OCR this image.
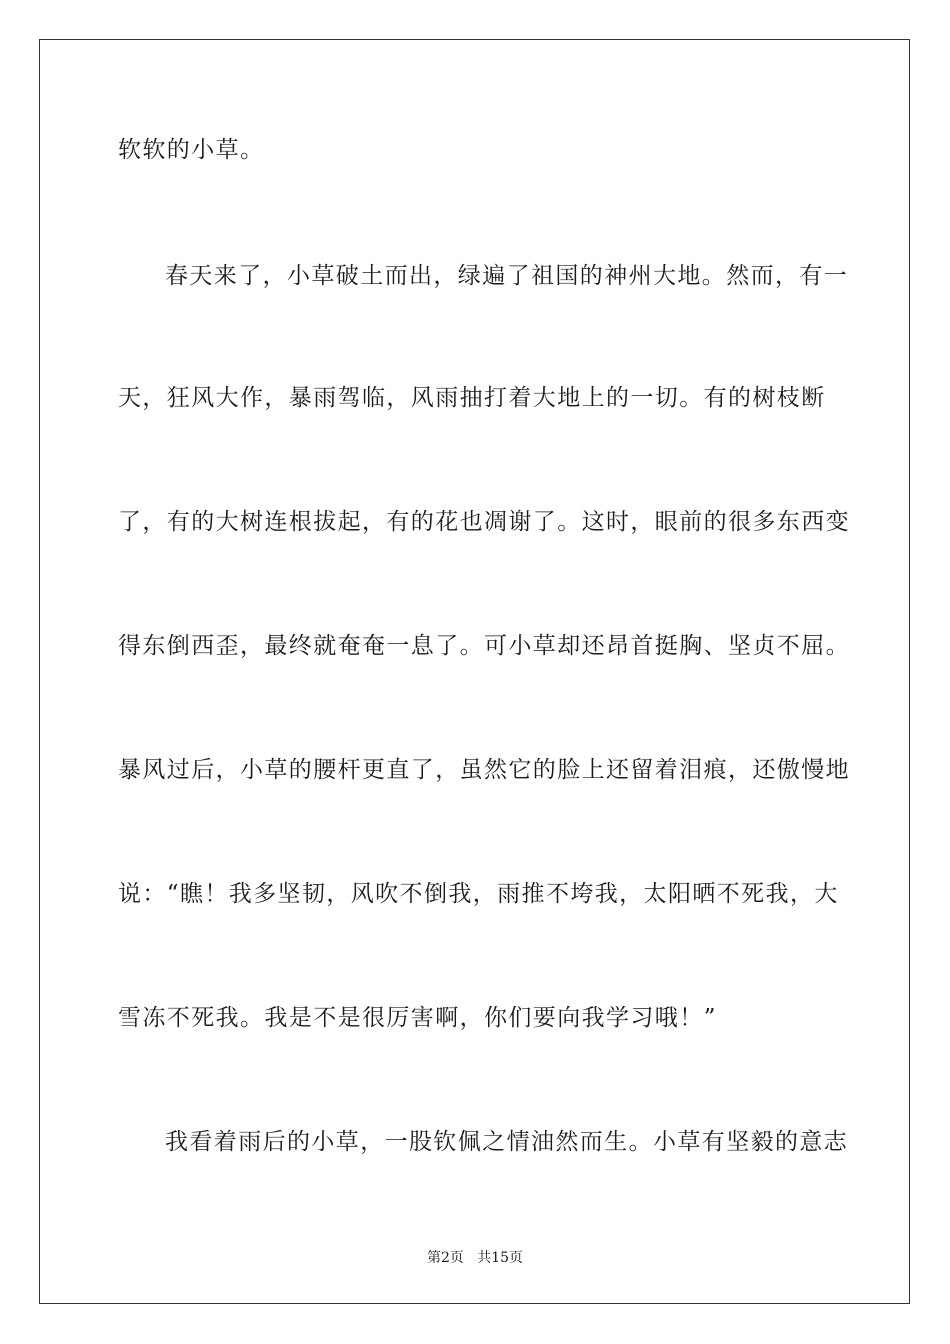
软软的小草。
春天来了，小草破土而出，绿遍了祖国的神州大地。然而，有一
天，狂风大作，暴雨驾临，风雨抽打着大地上的一切。有的树枝断
了，有的大树连根拔起，有的花也凋谢了。这时，眼前的很多东西变
得东倒西歪，最终就奄奄一息了。可小草却还昂首挺胸、坚贞不屈。
暴风过后，小草的腰杆更直了，虽然它的脸上还留着泪痕，还傲慢地
说：“瞧！我多坚韧，风吹不倒我，雨推不垮我，太阳晒不死我，大
雪冻不死我。我是不是很厉害啊，你们要向我学习哦！”
我看着雨后的小草，一股钦佩之情油然而生。小草有坚毅的意志
第2页   共15页
